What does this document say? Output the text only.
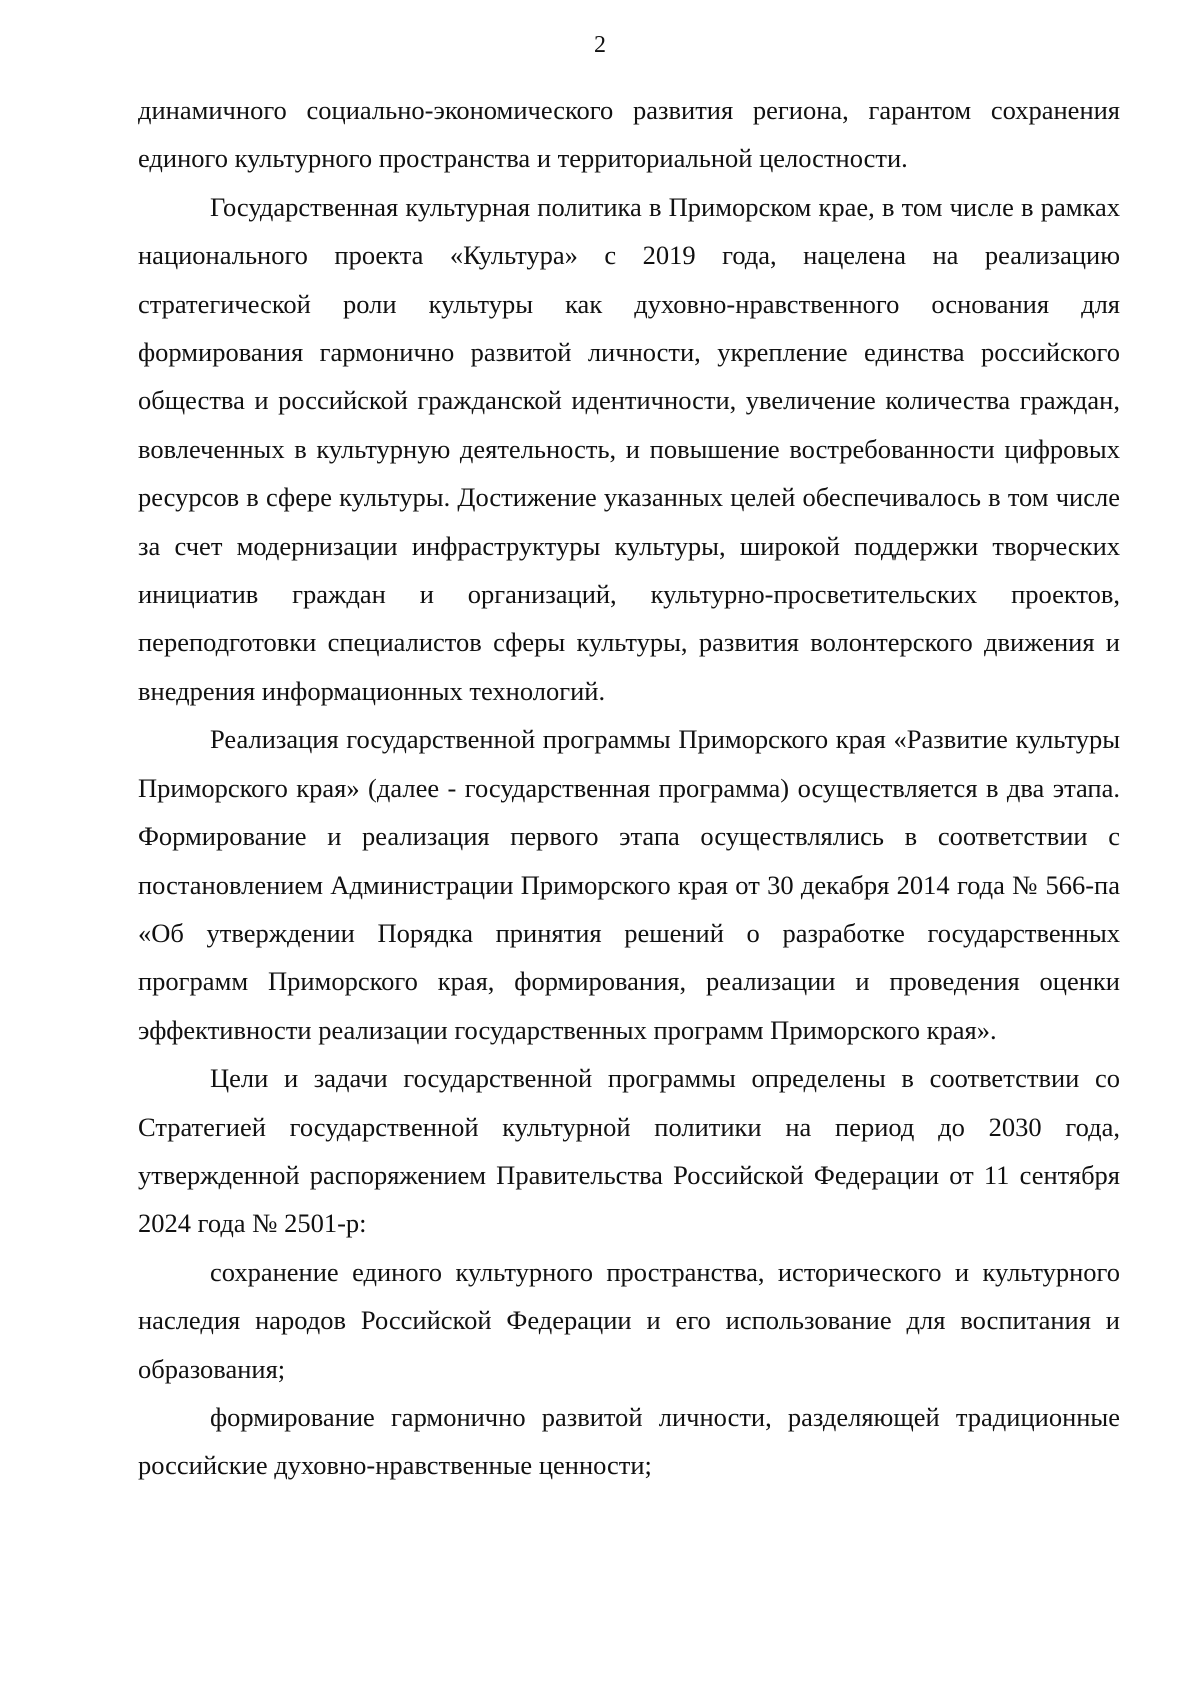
2

динамичного социально-экономического развития региона, гарантом сохранения единого культурного пространства и территориальной целостности.

Государственная культурная политика в Приморском крае, в том числе в рамках национального проекта «Культура» с 2019 года, нацелена на реализацию стратегической роли культуры как духовно-нравственного основания для формирования гармонично развитой личности, укрепление единства российского общества и российской гражданской идентичности, увеличение количества граждан, вовлеченных в культурную деятельность, и повышение востребованности цифровых ресурсов в сфере культуры. Достижение указанных целей обеспечивалось в том числе за счет модернизации инфраструктуры культуры, широкой поддержки творческих инициатив граждан и организаций, культурно-просветительских проектов, переподготовки специалистов сферы культуры, развития волонтерского движения и внедрения информационных технологий.

Реализация государственной программы Приморского края «Развитие культуры Приморского края» (далее - государственная программа) осуществляется в два этапа. Формирование и реализация первого этапа осуществлялись в соответствии с постановлением Администрации Приморского края от 30 декабря 2014 года № 566-па «Об утверждении Порядка принятия решений о разработке государственных программ Приморского края, формирования, реализации и проведения оценки эффективности реализации государственных программ Приморского края».

Цели и задачи государственной программы определены в соответствии со Стратегией государственной культурной политики на период до 2030 года, утвержденной распоряжением Правительства Российской Федерации от 11 сентября 2024 года № 2501-р:

сохранение единого культурного пространства, исторического и культурного наследия народов Российской Федерации и его использование для воспитания и образования;

формирование гармонично развитой личности, разделяющей традиционные российские духовно-нравственные ценности;
